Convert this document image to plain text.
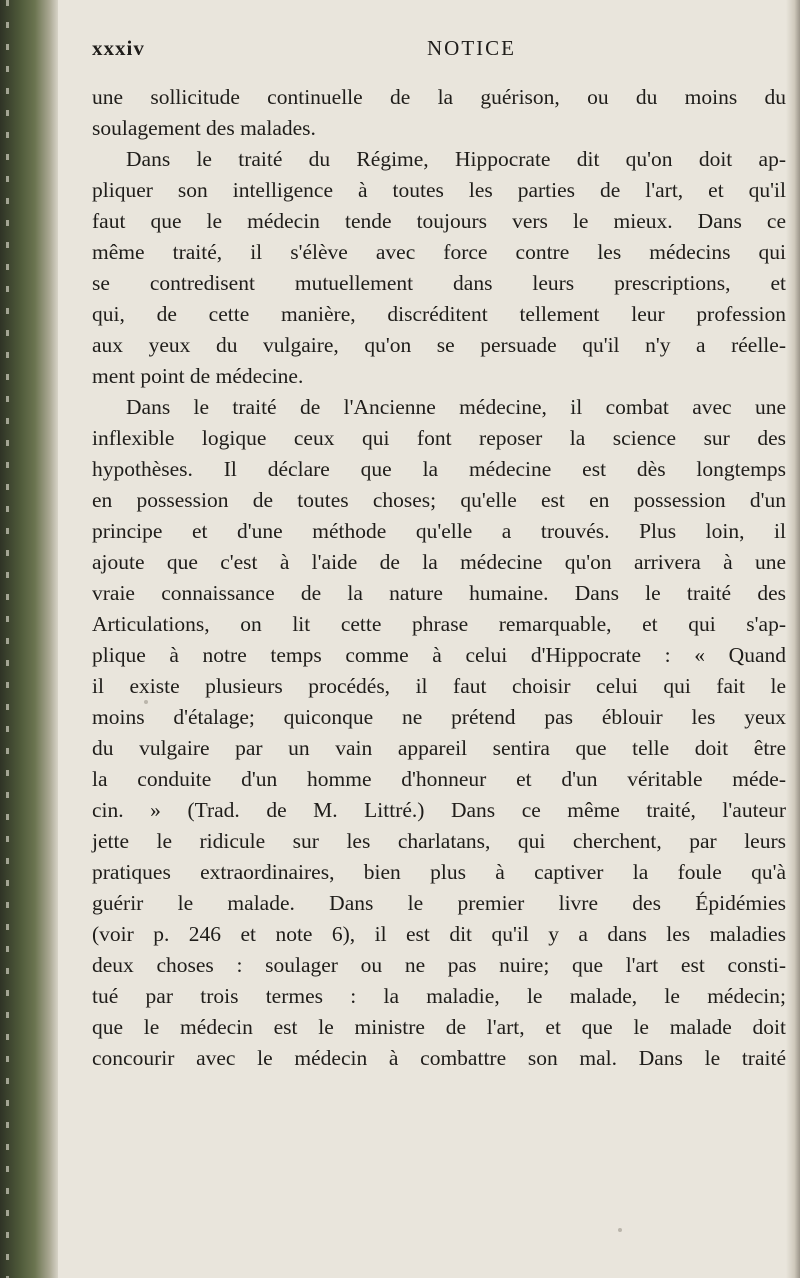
xxxiv	NOTICE
une sollicitude continuelle de la guérison, ou du moins du
soulagement des malades.
Dans le traité du Régime, Hippocrate dit qu'on doit ap-
pliquer son intelligence à toutes les parties de l'art, et qu'il
faut que le médecin tende toujours vers le mieux. Dans ce
même traité, il s'élève avec force contre les médecins qui
se contredisent mutuellement dans leurs prescriptions, et
qui, de cette manière, discréditent tellement leur profession
aux yeux du vulgaire, qu'on se persuade qu'il n'y a réelle-
ment point de médecine.
Dans le traité de l'Ancienne médecine, il combat avec une
inflexible logique ceux qui font reposer la science sur des
hypothèses. Il déclare que la médecine est dès longtemps
en possession de toutes choses; qu'elle est en possession d'un
principe et d'une méthode qu'elle a trouvés. Plus loin, il
ajoute que c'est à l'aide de la médecine qu'on arrivera à une
vraie connaissance de la nature humaine. Dans le traité des
Articulations, on lit cette phrase remarquable, et qui s'ap-
plique à notre temps comme à celui d'Hippocrate : « Quand
il existe plusieurs procédés, il faut choisir celui qui fait le
moins d'étalage; quiconque ne prétend pas éblouir les yeux
du vulgaire par un vain appareil sentira que telle doit être
la conduite d'un homme d'honneur et d'un véritable méde-
cin. » (Trad. de M. Littré.) Dans ce même traité, l'auteur
jette le ridicule sur les charlatans, qui cherchent, par leurs
pratiques extraordinaires, bien plus à captiver la foule qu'à
guérir le malade. Dans le premier livre des Épidémies
(voir p. 246 et note 6), il est dit qu'il y a dans les maladies
deux choses : soulager ou ne pas nuire; que l'art est consti-
tué par trois termes : la maladie, le malade, le médecin;
que le médecin est le ministre de l'art, et que le malade doit
concourir avec le médecin à combattre son mal. Dans le traité
